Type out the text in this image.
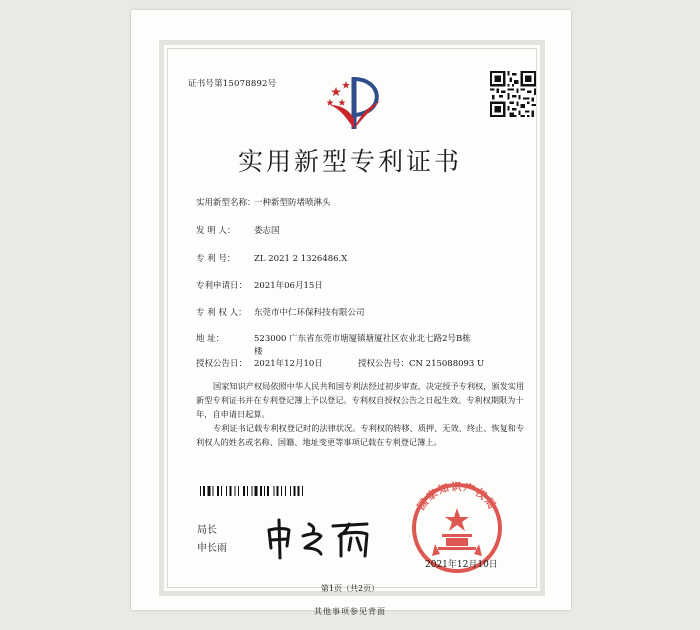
证书号第15078892号
实用新型专利证书
实用新型名称：一种新型防堵喷淋头
发 明 人： 娄志国
专 利 号： ZL 2021 2 1326486.X
专利申请日： 2021年06月15日
专 利 权 人： 东莞市中仁环保科技有限公司
地 址：	523000 广东省东莞市塘厦镇塘厦社区农业北七路2号B栋
楼
授权公告日： 2021年12月10日	授权公告号：CN 215088093 U
国家知识产权局依照中华人民共和国专利法经过初步审查，决定授予专利权，颁发实用新型专利证书并在专利登记簿上予以登记。专利权自授权公告之日起生效。专利权期限为十年，自申请日起算。
专利证书记载专利权登记时的法律状况。专利权的转移、质押、无效、终止、恢复和专利权人的姓名或名称、国籍、地址变更等事项记载在专利登记簿上。
局长
申长雨
国家知识产权局
2021年12月10日
第1页（共2页）
其他事项参见背面
